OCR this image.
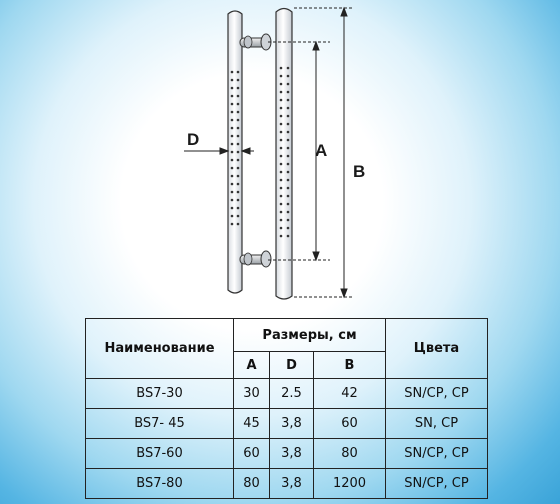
A
B
D
Наименование	Размеры, см			Цвета
	A	D	B	
BS7-30	30	2.5	42	SN/CP, CP
BS7- 45	45	3,8	60	SN, CP
BS7-60	60	3,8	80	SN/CP, CP
BS7-80	80	3,8	1200	SN/CP, CP
